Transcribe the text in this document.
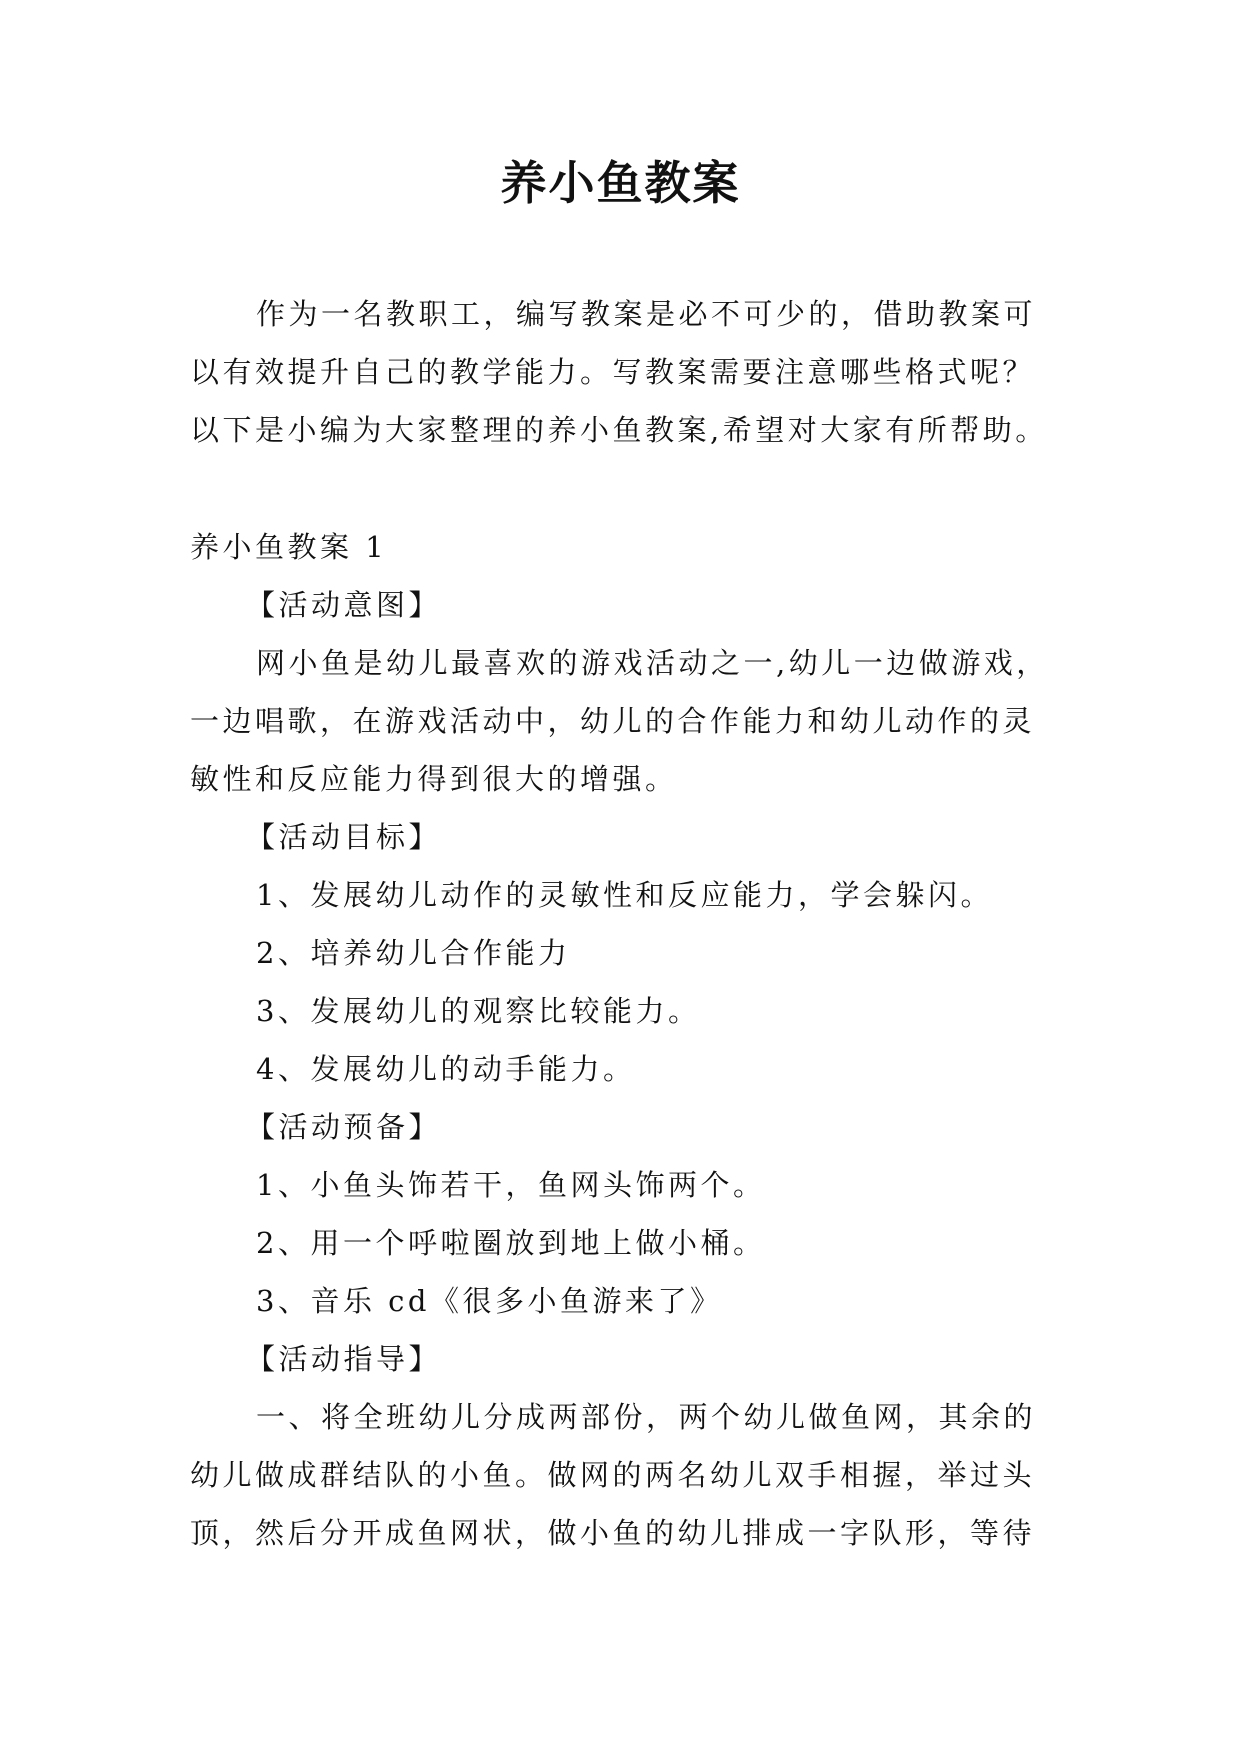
养小鱼教案
作为一名教职工，编写教案是必不可少的，借助教案可以有效提升自己的教学能力。写教案需要注意哪些格式呢？以下是小编为大家整理的养小鱼教案,希望对大家有所帮助。

养小鱼教案 1

【活动意图】

网小鱼是幼儿最喜欢的游戏活动之一,幼儿一边做游戏，一边唱歌，在游戏活动中，幼儿的合作能力和幼儿动作的灵敏性和反应能力得到很大的增强。

【活动目标】

1、发展幼儿动作的灵敏性和反应能力，学会躲闪。

2、培养幼儿合作能力

3、发展幼儿的观察比较能力。

4、发展幼儿的动手能力。

【活动预备】

1、小鱼头饰若干，鱼网头饰两个。

2、用一个呼啦圈放到地上做小桶。

3、音乐 cd《很多小鱼游来了》

【活动指导】

一、将全班幼儿分成两部份，两个幼儿做鱼网，其余的幼儿做成群结队的小鱼。做网的两名幼儿双手相握，举过头顶，然后分开成鱼网状，做小鱼的幼儿排成一字队形，等待
